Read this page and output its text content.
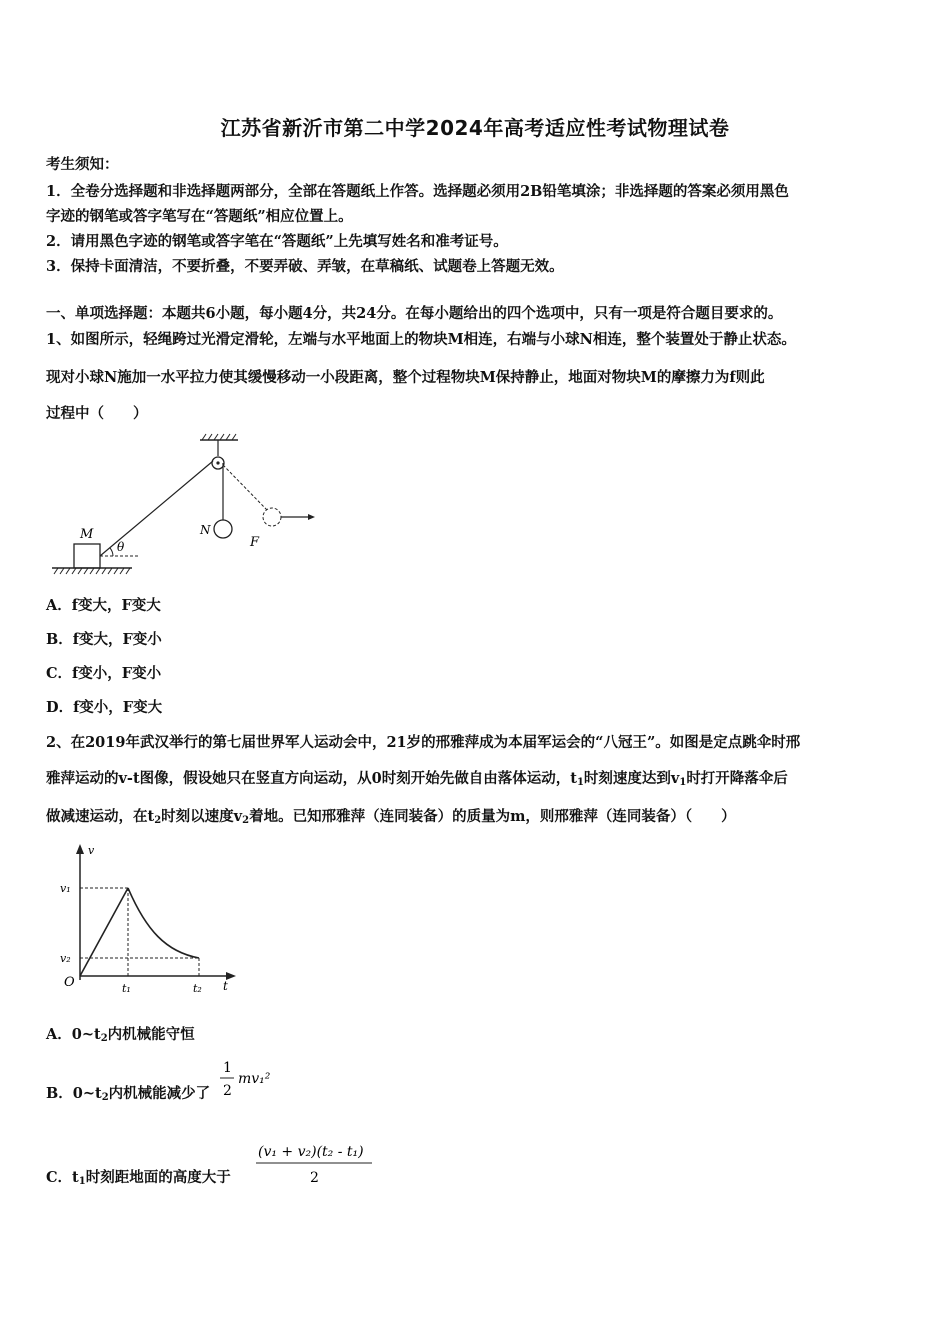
江苏省新沂市第二中学2024年高考适应性考试物理试卷
考生须知：
1．全卷分选择题和非选择题两部分，全部在答题纸上作答。选择题必须用2B铅笔填涂；非选择题的答案必须用黑色
字迹的钢笔或答字笔写在“答题纸”相应位置上。
2．请用黑色字迹的钢笔或答字笔在“答题纸”上先填写姓名和准考证号。
3．保持卡面清洁，不要折叠，不要弄破、弄皱，在草稿纸、试题卷上答题无效。
一、单项选择题：本题共6小题，每小题4分，共24分。在每小题给出的四个选项中，只有一项是符合题目要求的。
1、如图所示，轻绳跨过光滑定滑轮，左端与水平地面上的物块M相连，右端与小球N相连，整个装置处于静止状态。
现对小球N施加一水平拉力使其缓慢移动一小段距离，整个过程物块M保持静止，地面对物块M的摩擦力为f则此
过程中（　　）
M
θ
N
F
A．f变大，F变大
B．f变大，F变小
C．f变小，F变小
D．f变小，F变大
2、在2019年武汉举行的第七届世界军人运动会中，21岁的邢雅萍成为本届军运会的“八冠王”。如图是定点跳伞时邢
雅萍运动的v-t图像，假设她只在竖直方向运动，从0时刻开始先做自由落体运动，$t_1$时刻速度达到$v_1$时打开降落伞后
做减速运动，在$t_2$时刻以速度$v_2$着地。已知邢雅萍（连同装备）的质量为m，则邢雅萍（连同装备）（　　）
v
v₁
v₂
O	t₁	t₂ t
A．$0\sim t_2$内机械能守恒
B．$0\sim t_2$内机械能减少了
1
2
mv₁²
C．$t_1$时刻距地面的高度大于
(v₁ + v₂)(t₂ - t₁)
2
